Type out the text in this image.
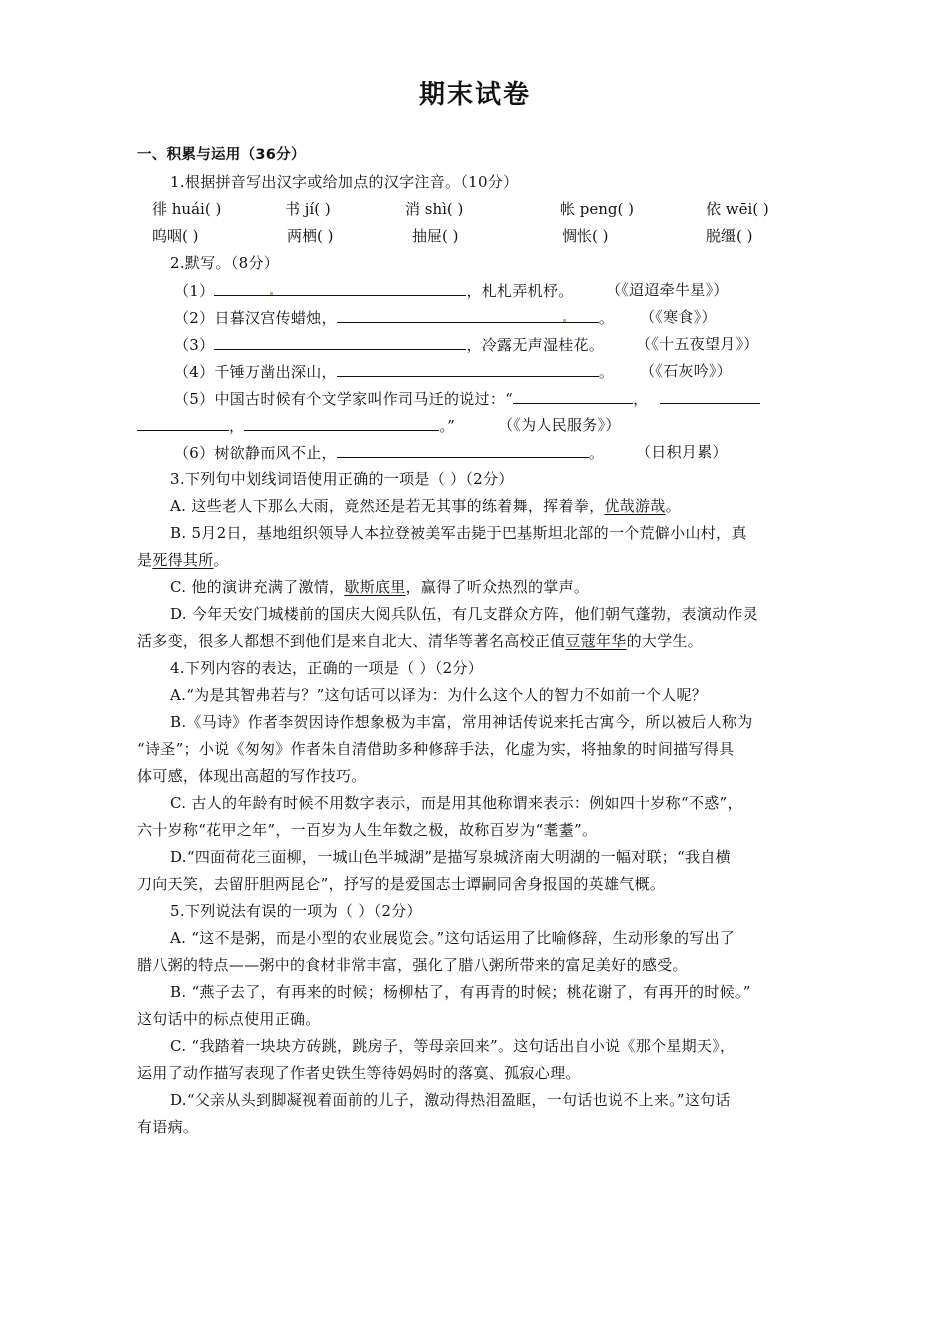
期末试卷
一、积累与运用（36分）
1.根据拼音写出汉字或给加点的汉字注音。（10分）
徘 huái( )	书 jí( )	消 shì( )	帐 peng( )	依 wēi( )
呜咽( )	两栖( )	抽屉( )	惆怅( )	脱缰( )
2.默写。（8分）
（1）	，札札弄机杼。 （《迢迢牵牛星》）
（2）日暮汉宫传蜡烛，	。 （《寒食》）
（3）	，冷露无声湿桂花。 （《十五夜望月》）
（4）千锤万凿出深山，	。 （《石灰吟》）
（5）中国古时候有个文学家叫作司马迁的说过：“	，
，	。”	（《为人民服务》）
（6）树欲静而风不止，	。 （日积月累）
3.下列句中划线词语使用正确的一项是（ ）（2分）
A. 这些老人下那么大雨，竟然还是若无其事的练着舞，挥着拳，优哉游哉。
B. 5月2日，基地组织领导人本拉登被美军击毙于巴基斯坦北部的一个荒僻小山村，真
是死得其所。
C. 他的演讲充满了激情，歇斯底里，赢得了听众热烈的掌声。
D. 今年天安门城楼前的国庆大阅兵队伍，有几支群众方阵，他们朝气蓬勃，表演动作灵
活多变，很多人都想不到他们是来自北大、清华等著名高校正值豆蔻年华的大学生。
4.下列内容的表达，正确的一项是（ ）（2分）
A.“为是其智弗若与？”这句话可以译为：为什么这个人的智力不如前一个人呢？
B.《马诗》作者李贺因诗作想象极为丰富，常用神话传说来托古寓今，所以被后人称为
“诗圣”；小说《匆匆》作者朱自清借助多种修辞手法，化虚为实，将抽象的时间描写得具
体可感，体现出高超的写作技巧。
C. 古人的年龄有时候不用数字表示，而是用其他称谓来表示：例如四十岁称“不惑”，
六十岁称“花甲之年”，一百岁为人生年数之极，故称百岁为“耄耋”。
D.“四面荷花三面柳，一城山色半城湖”是描写泉城济南大明湖的一幅对联；“我自横
刀向天笑，去留肝胆两昆仑”，抒写的是爱国志士谭嗣同舍身报国的英雄气概。
5.下列说法有误的一项为（ ）（2分）
A. “这不是粥，而是小型的农业展览会。”这句话运用了比喻修辞，生动形象的写出了
腊八粥的特点——粥中的食材非常丰富，强化了腊八粥所带来的富足美好的感受。
B. “燕子去了，有再来的时候；杨柳枯了，有再青的时候；桃花谢了，有再开的时候。”
这句话中的标点使用正确。
C. “我踏着一块块方砖跳，跳房子，等母亲回来”。这句话出自小说《那个星期天》，
运用了动作描写表现了作者史铁生等待妈妈时的落寞、孤寂心理。
D.“父亲从头到脚凝视着面前的儿子，激动得热泪盈眶，一句话也说不上来。”这句话
有语病。
